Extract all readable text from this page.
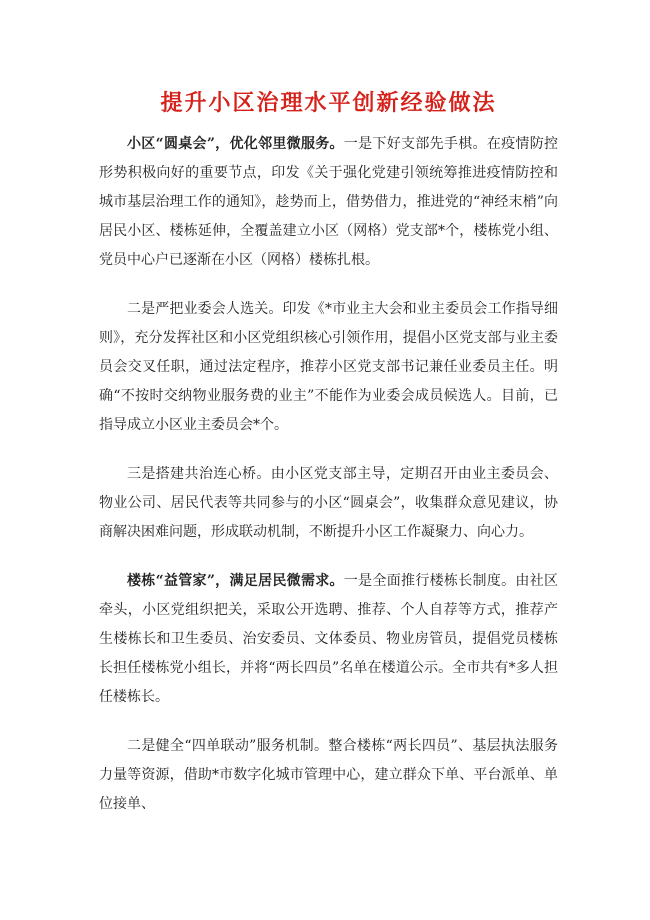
提升小区治理水平创新经验做法

小区“圆桌会”，优化邻里微服务。一是下好支部先手棋。在疫情防控形势积极向好的重要节点，印发《关于强化党建引领统筹推进疫情防控和城市基层治理工作的通知》，趁势而上，借势借力，推进党的“神经末梢”向居民小区、楼栋延伸，全覆盖建立小区（网格）党支部*个，楼栋党小组、党员中心户已逐渐在小区（网格）楼栋扎根。

二是严把业委会人选关。印发《*市业主大会和业主委员会工作指导细则》，充分发挥社区和小区党组织核心引领作用，提倡小区党支部与业主委员会交叉任职，通过法定程序，推荐小区党支部书记兼任业委员主任。明确“不按时交纳物业服务费的业主”不能作为业委会成员候选人。目前，已指导成立小区业主委员会*个。

三是搭建共治连心桥。由小区党支部主导，定期召开由业主委员会、物业公司、居民代表等共同参与的小区“圆桌会”，收集群众意见建议，协商解决困难问题，形成联动机制，不断提升小区工作凝聚力、向心力。

楼栋“益管家”，满足居民微需求。一是全面推行楼栋长制度。由社区牵头，小区党组织把关，采取公开选聘、推荐、个人自荐等方式，推荐产生楼栋长和卫生委员、治安委员、文体委员、物业房管员，提倡党员楼栋长担任楼栋党小组长，并将“两长四员”名单在楼道公示。全市共有*多人担任楼栋长。

二是健全“四单联动”服务机制。整合楼栋“两长四员”、基层执法服务力量等资源，借助*市数字化城市管理中心，建立群众下单、平台派单、单位接单、
